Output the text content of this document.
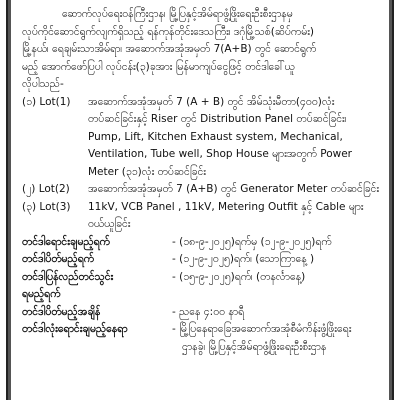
ဆောက်လုပ်ရေးဝန်ကြီးဌာန၊ မြို့ပြနှင့်အိမ်ရာဖွံ့ဖြိုးရေးဦးစီးဌာနမှ
လုပ်ကိုင်ဆောင်ရွက်လျက်ရှိသည့် ရန်ကုန်တိုင်းဒေသကြီး၊ ဒဂုံမြို့သစ်(ဆိပ်ကမ်း)
မြို့နယ်၊ ရေချမ်းသာအိမ်ရာ၊ အဆောက်အအုံအမှတ် 7(A+B) တွင် ဆောင်ရွက်
မည့် အောက်ဖော်ပြပါ လုပ်ငန်း(၃)ခုအား မြန်မာကျပ်ငွေဖြင့် တင်ဒါခေါ်ယူ
လိုပါသည်-
(၁) Lot(1)	အဆောက်အအုံအမှတ် 7 (A + B) တွင် အိမ်သုံးမီတာ(၄၀၀)လုံး
တပ်ဆင်ခြင်းနှင့် Riser တွင် Distribution Panel တပ်ဆင်ခြင်း၊
Pump, Lift, Kitchen Exhaust system, Mechanical,
Ventilation, Tube well, Shop House များအတွက် Power
Meter (၃၁)လုံး တပ်ဆင်ခြင်း
(၂) Lot(2)	အဆောက်အအုံအမှတ် 7 (A+B) တွင် Generator Meter တပ်ဆင်ခြင်း
(၃) Lot(3)	11kV, VCB Panel , 11kV, Metering Outfit နှင့် Cable များ
ဝယ်ယူခြင်း
တင်ဒါရောင်းချမည့်ရက်	- (၁၈-၉-၂၀၂၅)ရက်မှ (၁၂-၉-၂၀၂၅)ရက်
တင်ဒါပိတ်မည့်ရက်	- (၁၂-၉-၂၀၂၅)ရက်၊ (သောကြာနေ့ )
တင်ဒါပြန်လည်တင်သွင်း	- (၁၅-၉-၂၀၂၅)ရက်၊ (တနင်္လာနေ့)
ရမည့်ရက်
တင်ဒါပိတ်မည့်အချိန်	- ညနေ ၄:၀၀ နာရီ
တင်ဒါလုံးရောင်းချမည့်နေရာ	- မြို့ပြနေရာခြေအဆောက်အအုံစီမံကိန်းဖွံ့ဖြိုးရေး
ဌာနခွဲ၊ မြို့ပြနှင့်အိမ်ရာဖွံ့ဖြိုးရေးဦးစီးဌာန
